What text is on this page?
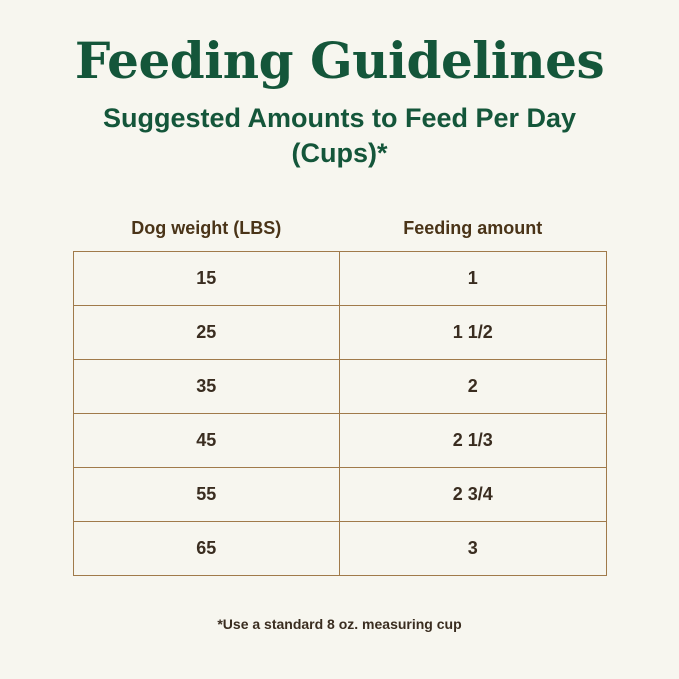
Feeding Guidelines
Suggested Amounts to Feed Per Day (Cups)*
Dog weight (LBS)	Feeding amount
15	1
25	1 1/2
35	2
45	2 1/3
55	2 3/4
65	3
*Use a standard 8 oz. measuring cup
